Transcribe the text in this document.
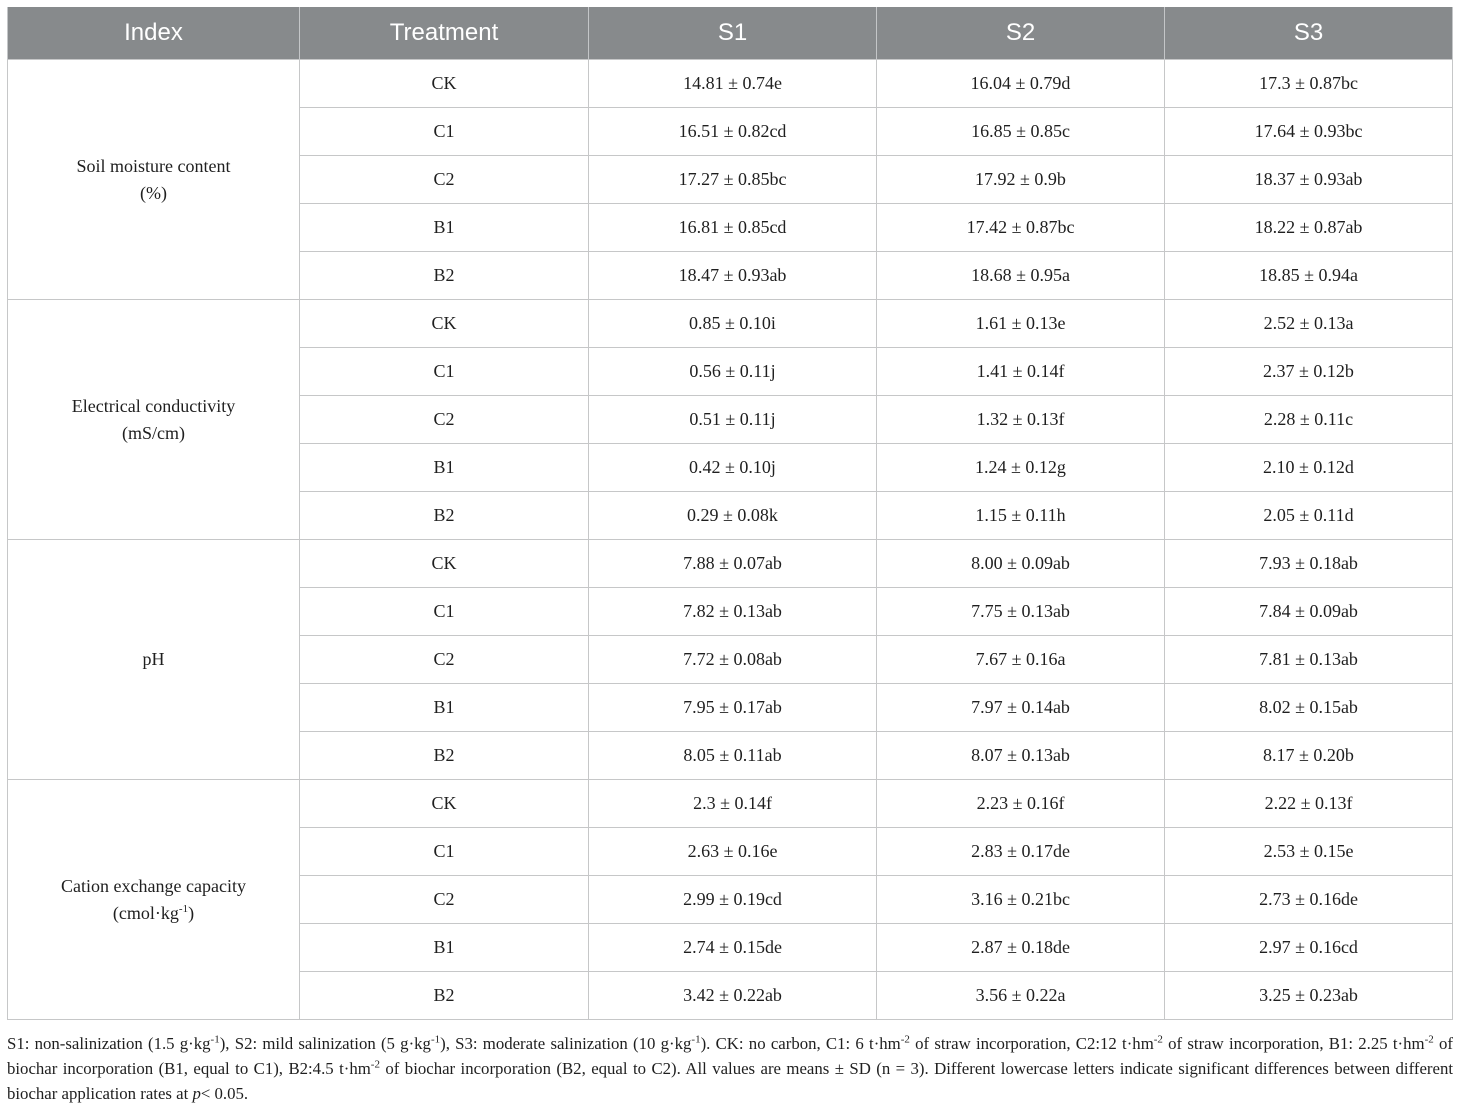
Index	Treatment	S1	S2	S3
Soil moisture content
(%)	CK	14.81 ± 0.74e	16.04 ± 0.79d	17.3 ± 0.87bc
	C1	16.51 ± 0.82cd	16.85 ± 0.85c	17.64 ± 0.93bc
	C2	17.27 ± 0.85bc	17.92 ± 0.9b	18.37 ± 0.93ab
	B1	16.81 ± 0.85cd	17.42 ± 0.87bc	18.22 ± 0.87ab
	B2	18.47 ± 0.93ab	18.68 ± 0.95a	18.85 ± 0.94a
Electrical conductivity
(mS/cm)	CK	0.85 ± 0.10i	1.61 ± 0.13e	2.52 ± 0.13a
	C1	0.56 ± 0.11j	1.41 ± 0.14f	2.37 ± 0.12b
	C2	0.51 ± 0.11j	1.32 ± 0.13f	2.28 ± 0.11c
	B1	0.42 ± 0.10j	1.24 ± 0.12g	2.10 ± 0.12d
	B2	0.29 ± 0.08k	1.15 ± 0.11h	2.05 ± 0.11d
pH	CK	7.88 ± 0.07ab	8.00 ± 0.09ab	7.93 ± 0.18ab
	C1	7.82 ± 0.13ab	7.75 ± 0.13ab	7.84 ± 0.09ab
	C2	7.72 ± 0.08ab	7.67 ± 0.16a	7.81 ± 0.13ab
	B1	7.95 ± 0.17ab	7.97 ± 0.14ab	8.02 ± 0.15ab
	B2	8.05 ± 0.11ab	8.07 ± 0.13ab	8.17 ± 0.20b
Cation exchange capacity
$(cmol\cdot kg^{-1})$	CK	2.3 ± 0.14f	2.23 ± 0.16f	2.22 ± 0.13f
	C1	2.63 ± 0.16e	2.83 ± 0.17de	2.53 ± 0.15e
	C2	2.99 ± 0.19cd	3.16 ± 0.21bc	2.73 ± 0.16de
	B1	2.74 ± 0.15de	2.87 ± 0.18de	2.97 ± 0.16cd
	B2	3.42 ± 0.22ab	3.56 ± 0.22a	3.25 ± 0.23ab
S1: non-salinization (1.5 $g\cdot kg^{-1}$), S2: mild salinization (5 $g\cdot kg^{-1}$), S3: moderate salinization (10 $g\cdot kg^{-1}$). CK: no carbon, C1: 6 $t\cdot hm^{-2}$ of straw incorporation, C2:12 $t\cdot hm^{-2}$ of straw incorporation, B1: 2.25 $t\cdot hm^{-2}$ of biochar incorporation (B1, equal to C1), B2:4.5 $t\cdot hm^{-2}$ of biochar incorporation (B2, equal to C2). All values are means ± SD (n = 3). Different lowercase letters indicate significant differences between different biochar application rates at p< 0.05.
